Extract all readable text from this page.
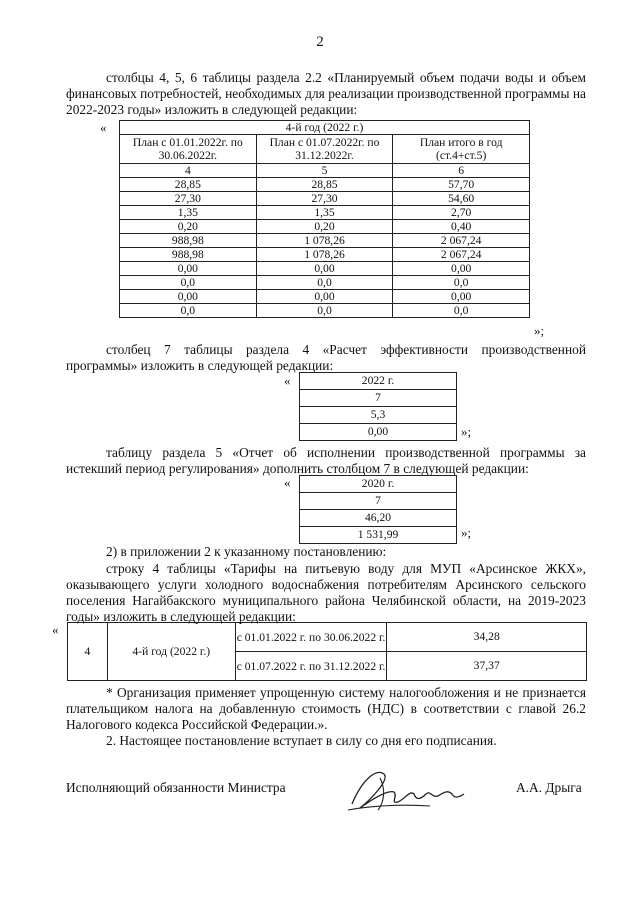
2
столбцы 4, 5, 6 таблицы раздела 2.2 «Планируемый объем подачи воды и объем финансовых потребностей, необходимых для реализации производственной программы на 2022-2023 годы» изложить в следующей редакции:
«	4-й год (2022 г.)		
План с 01.01.2022г. по 30.06.2022г.	План с 01.07.2022г. по 31.12.2022г.	План итого в год (ст.4+ст.5)
4	5	6
28,85	28,85	57,70
27,30	27,30	54,60
1,35	1,35	2,70
0,20	0,20	0,40
988,98	1 078,26	2 067,24
988,98	1 078,26	2 067,24
0,00	0,00	0,00
0,0	0,0	0,0
0,00	0,00	0,00
0,0	0,0	0,0
»;
столбец 7 таблицы раздела 4 «Расчет эффективности производственной программы» изложить в следующей редакции:
«	2022 г.
7
5,3
0,00	»;
таблицу раздела 5 «Отчет об исполнении производственной программы за истекший период регулирования» дополнить столбцом 7 в следующей редакции:
«	2020 г.
7
46,20
1 531,99	»;
2) в приложении 2 к указанному постановлению:
строку 4 таблицы «Тарифы на питьевую воду для МУП «Арсинское ЖКХ», оказывающего услуги холодного водоснабжения потребителям Арсинского сельского поселения Нагайбакского муниципального района Челябинской области, на 2019-2023 годы» изложить в следующей редакции:
«
4	4-й год (2022 г.)	с 01.01.2022 г. по 30.06.2022 г.	34,28
		с 01.07.2022 г. по 31.12.2022 г.	37,37
* Организация применяет упрощенную систему налогообложения и не признается плательщиком налога на добавленную стоимость (НДС) в соответствии с главой 26.2 Налогового кодекса Российской Федерации.».
2. Настоящее постановление вступает в силу со дня его подписания.
Исполняющий обязанности Министра	А.А. Дрыга
